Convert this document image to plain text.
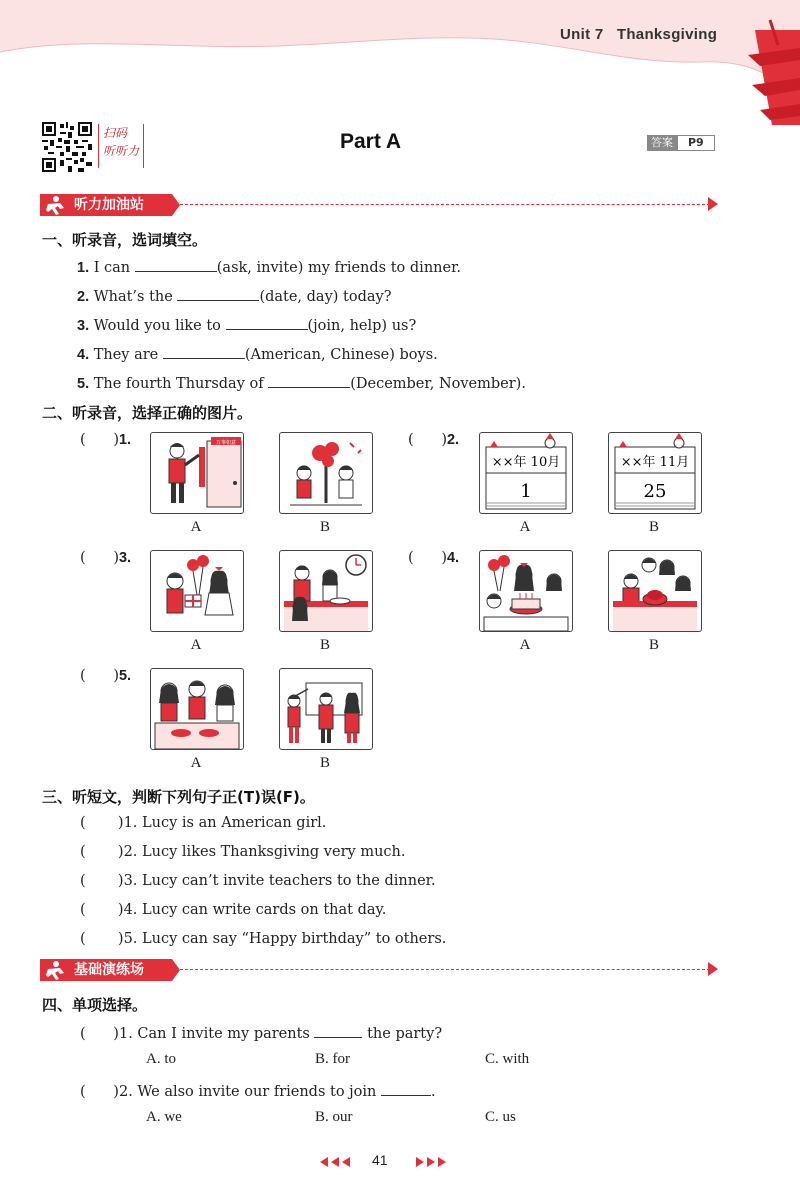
Unit 7 Thanksgiving
扫码
听听力	Part A	答案	P9
听力加油站
一、听录音，选词填空。
1. I can	(ask, invite) my friends to dinner.
2. What’s the	(date, day) today?
3. Would you like to	(join, help) us?
4. They are	(American, Chinese) boys.
5. The fourth Thursday of	(December, November).
二、听录音，选择正确的图片。
(      )1.	万事如意
A	B
(      )2.
××年 10月
1
A
××年 11月
25
B
(      )3.
A	B
(      )4.
A	B
(      )5.
A	B
三、听短文，判断下列句子正(T)误(F)。
(       )1. Lucy is an American girl.
(       )2. Lucy likes Thanksgiving very much.
(       )3. Lucy can’t invite teachers to the dinner.
(       )4. Lucy can write cards on that day.
(       )5. Lucy can say “Happy birthday” to others.
基础演练场
四、单项选择。
(      )1. Can I invite my parents	the party?
A. to	B. for	C. with
(      )2. We also invite our friends to join	.
A. we	B. our	C. us
41
